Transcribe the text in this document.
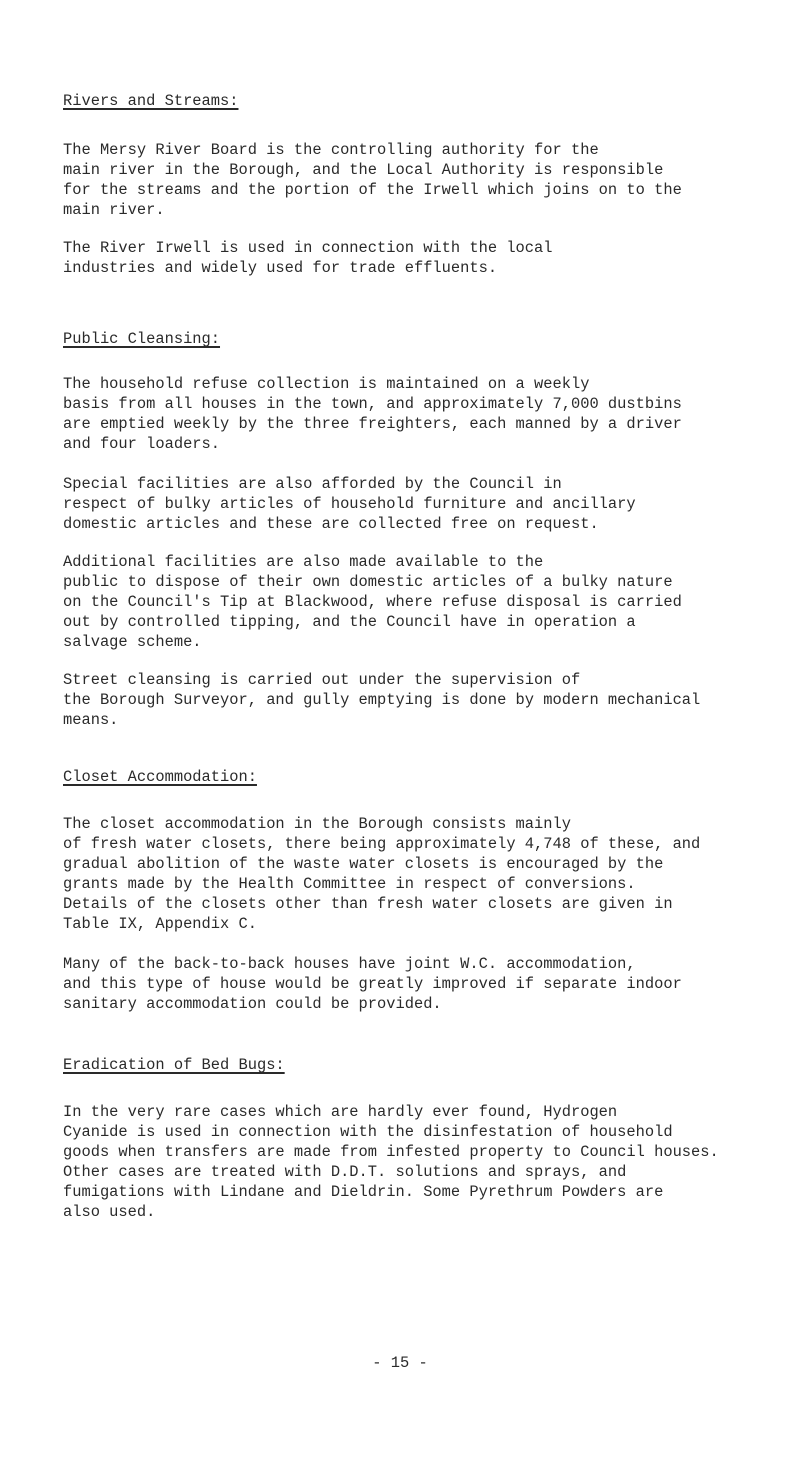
Rivers and Streams:

The Mersy River Board is the controlling authority for the
main river in the Borough, and the Local Authority is responsible
for the streams and the portion of the Irwell which joins on to the
main river.

The River Irwell is used in connection with the local
industries and widely used for trade effluents.

Public Cleansing:

The household refuse collection is maintained on a weekly
basis from all houses in the town, and approximately 7,000 dustbins
are emptied weekly by the three freighters, each manned by a driver
and four loaders.

Special facilities are also afforded by the Council in
respect of bulky articles of household furniture and ancillary
domestic articles and these are collected free on request.

Additional facilities are also made available to the
public to dispose of their own domestic articles of a bulky nature
on the Council's Tip at Blackwood, where refuse disposal is carried
out by controlled tipping, and the Council have in operation a
salvage scheme.

Street cleansing is carried out under the supervision of
the Borough Surveyor, and gully emptying is done by modern mechanical
means.

Closet Accommodation:

The closet accommodation in the Borough consists mainly
of fresh water closets, there being approximately 4,748 of these, and
gradual abolition of the waste water closets is encouraged by the
grants made by the Health Committee in respect of conversions.
Details of the closets other than fresh water closets are given in
Table IX, Appendix C.

Many of the back-to-back houses have joint W.C. accommodation,
and this type of house would be greatly improved if separate indoor
sanitary accommodation could be provided.

Eradication of Bed Bugs:

In the very rare cases which are hardly ever found, Hydrogen
Cyanide is used in connection with the disinfestation of household
goods when transfers are made from infested property to Council houses.
Other cases are treated with D.D.T. solutions and sprays, and
fumigations with Lindane and Dieldrin. Some Pyrethrum Powders are
also used.

- 15 -
